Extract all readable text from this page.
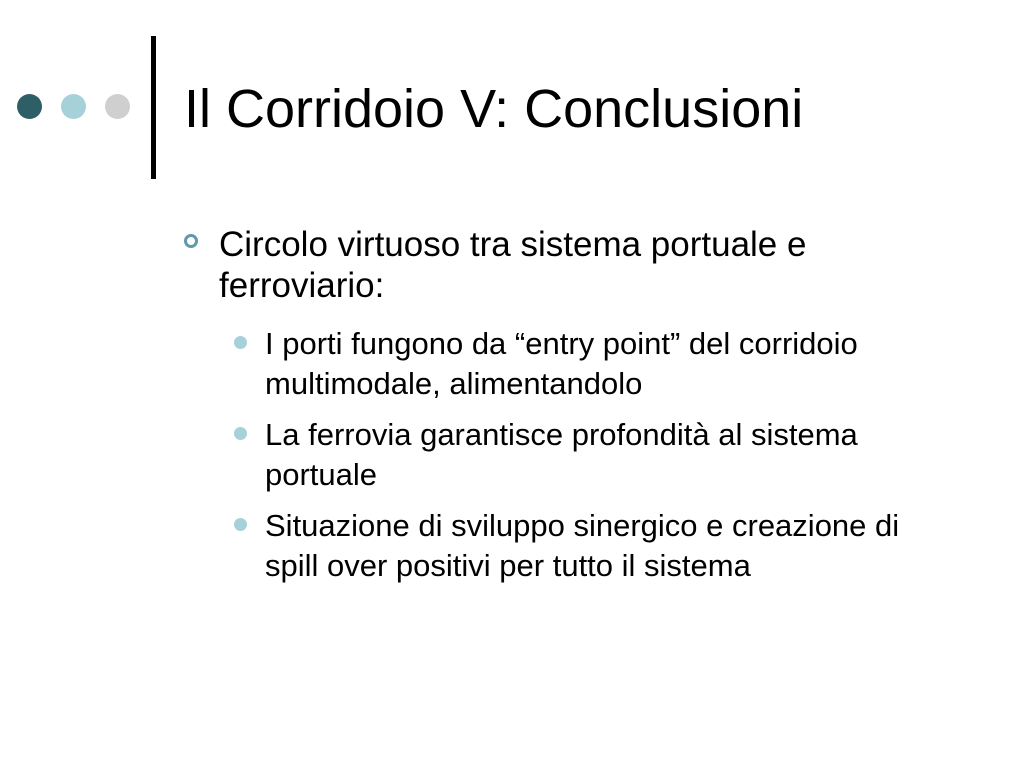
Il Corridoio V: Conclusioni
Circolo virtuoso tra sistema portuale e ferroviario:
I porti fungono da “entry point” del corridoio multimodale, alimentandolo
La ferrovia garantisce profondità al sistema portuale
Situazione di sviluppo sinergico e creazione di spill over positivi per tutto il sistema
